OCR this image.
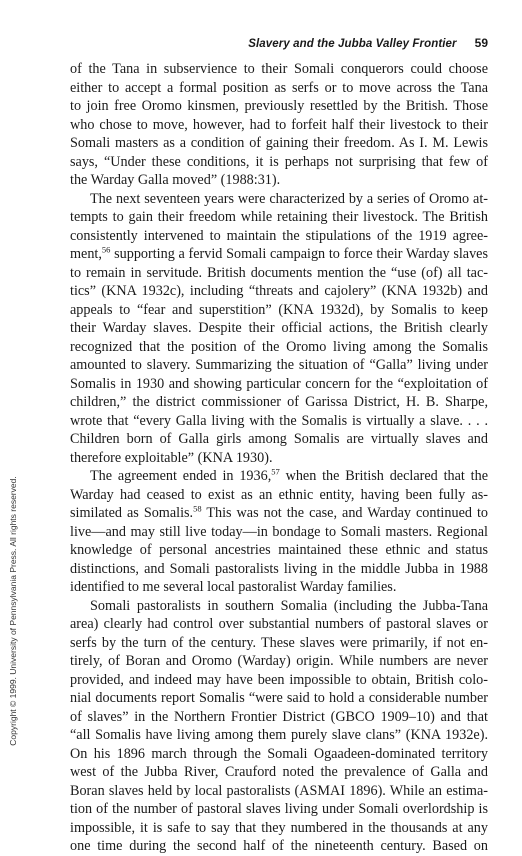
Slavery and the Jubba Valley Frontier 59
of the Tana in subservience to their Somali conquerors could choose
either to accept a formal position as serfs or to move across the Tana
to join free Oromo kinsmen, previously resettled by the British. Those
who chose to move, however, had to forfeit half their livestock to their
Somali masters as a condition of gaining their freedom. As I. M. Lewis
says, “Under these conditions, it is perhaps not surprising that few of
the Warday Galla moved” (1988:31).
The next seventeen years were characterized by a series of Oromo at-
tempts to gain their freedom while retaining their livestock. The British
consistently intervened to maintain the stipulations of the 1919 agree-
ment,$^{56}$ supporting a fervid Somali campaign to force their Warday slaves
to remain in servitude. British documents mention the “use (of) all tac-
tics” (KNA 1932c), including “threats and cajolery” (KNA 1932b) and
appeals to “fear and superstition” (KNA 1932d), by Somalis to keep
their Warday slaves. Despite their official actions, the British clearly
recognized that the position of the Oromo living among the Somalis
amounted to slavery. Summarizing the situation of “Galla” living under
Somalis in 1930 and showing particular concern for the “exploitation of
children,” the district commissioner of Garissa District, H. B. Sharpe,
wrote that “every Galla living with the Somalis is virtually a slave. . . .
Children born of Galla girls among Somalis are virtually slaves and
therefore exploitable” (KNA 1930).
The agreement ended in 1936,57 when the British declared that the
Warday had ceased to exist as an ethnic entity, having been fully as-
similated as Somalis.$^{58}$ This was not the case, and Warday continued to
live—and may still live today—in bondage to Somali masters. Regional
knowledge of personal ancestries maintained these ethnic and status
distinctions, and Somali pastoralists living in the middle Jubba in 1988
identified to me several local pastoralist Warday families.
Somali pastoralists in southern Somalia (including the Jubba-Tana
area) clearly had control over substantial numbers of pastoral slaves or
serfs by the turn of the century. These slaves were primarily, if not en-
tirely, of Boran and Oromo (Warday) origin. While numbers are never
provided, and indeed may have been impossible to obtain, British colo-
nial documents report Somalis “were said to hold a considerable number
of slaves” in the Northern Frontier District (GBCO 1909–10) and that
“all Somalis have living among them purely slave clans” (KNA 1932e).
On his 1896 march through the Somali Ogaadeen-dominated territory
west of the Jubba River, Crauford noted the prevalence of Galla and
Boran slaves held by local pastoralists (ASMAI 1896). While an estima-
tion of the number of pastoral slaves living under Somali overlordship is
impossible, it is safe to say that they numbered in the thousands at any
one time during the second half of the nineteenth century. Based on
Copyright © 1999. University of Pennsylvania Press. All rights reserved.
